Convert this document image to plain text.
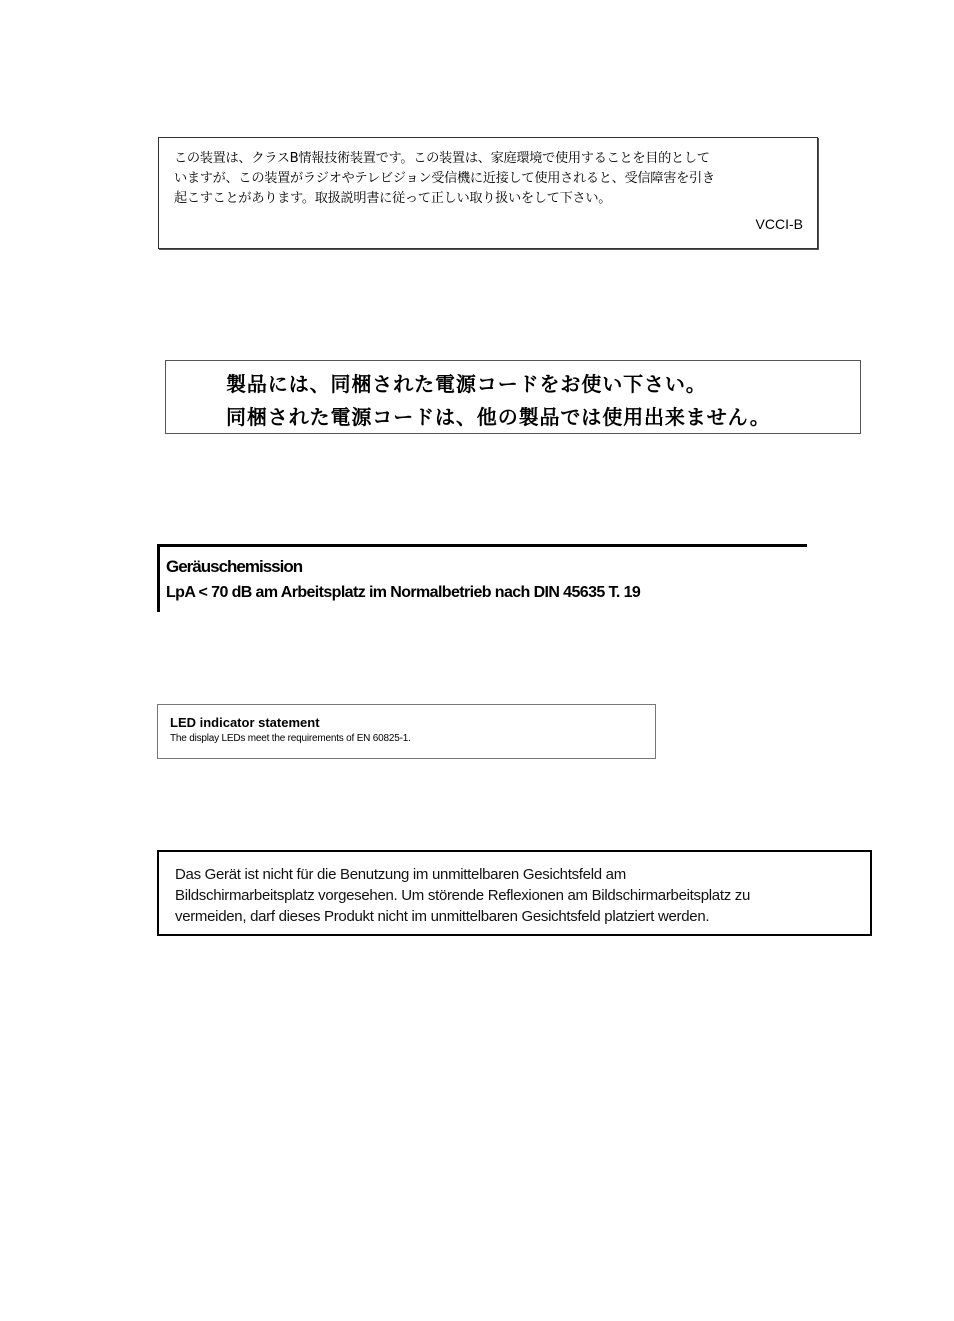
この装置は、クラスB情報技術装置です。この装置は、家庭環境で使用することを目的として
いますが、この装置がラジオやテレビジョン受信機に近接して使用されると、受信障害を引き
起こすことがあります。取扱説明書に従って正しい取り扱いをして下さい。
VCCI-B
製品には、同梱された電源コードをお使い下さい。
同梱された電源コードは、他の製品では使用出来ません。
Geräuschemission
LpA < 70 dB am Arbeitsplatz im Normalbetrieb nach DIN 45635 T. 19
LED indicator statement
The display LEDs meet the requirements of EN 60825-1.
Das Gerät ist nicht für die Benutzung im unmittelbaren Gesichtsfeld am
Bildschirmarbeitsplatz vorgesehen. Um störende Reflexionen am Bildschirmarbeitsplatz zu
vermeiden, darf dieses Produkt nicht im unmittelbaren Gesichtsfeld platziert werden.
